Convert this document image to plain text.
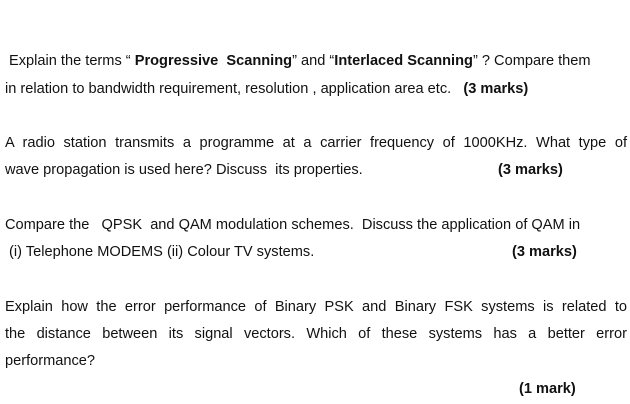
Explain the terms “ Progressive  Scanning” and “Interlaced Scanning” ? Compare them
in relation to bandwidth requirement, resolution , application area etc. (3 marks)
A radio station transmits a programme at a carrier frequency of 1000KHz. What type of
wave propagation is used here? Discuss  its properties.	(3 marks)
Compare the   QPSK  and QAM modulation schemes.  Discuss the application of QAM in
(i) Telephone MODEMS (ii) Colour TV systems.	(3 marks)
Explain how the error performance of Binary PSK and Binary FSK systems is related to
the distance between its signal vectors. Which of these systems has a better error
performance?
(1 mark)
